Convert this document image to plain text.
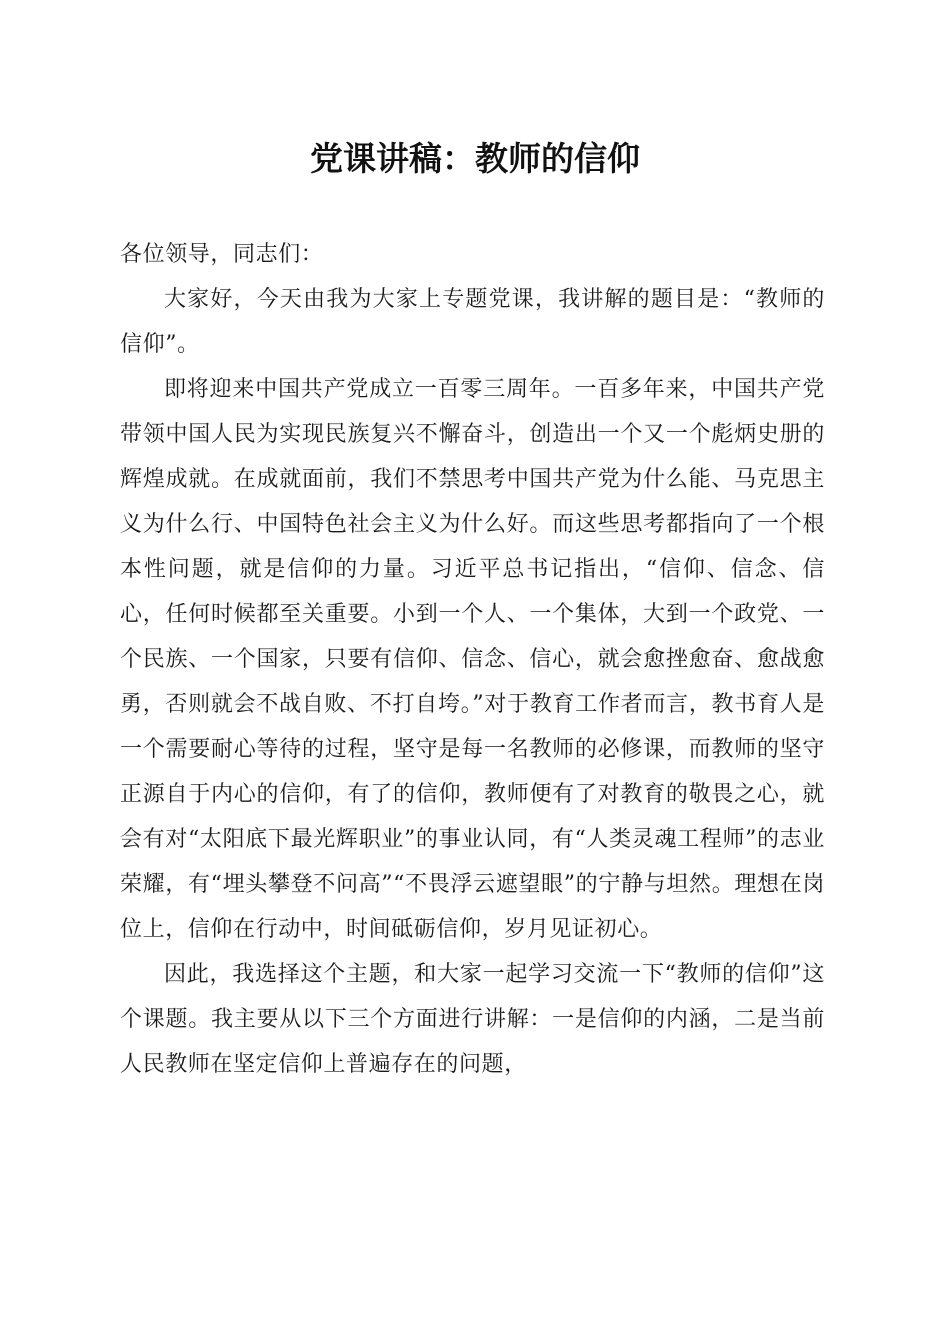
党课讲稿：教师的信仰

各位领导，同志们：

大家好，今天由我为大家上专题党课，我讲解的题目是：“教师的信仰”。

即将迎来中国共产党成立一百零三周年。一百多年来，中国共产党带领中国人民为实现民族复兴不懈奋斗，创造出一个又一个彪炳史册的辉煌成就。在成就面前，我们不禁思考中国共产党为什么能、马克思主义为什么行、中国特色社会主义为什么好。而这些思考都指向了一个根本性问题，就是信仰的力量。习近平总书记指出，“信仰、信念、信心，任何时候都至关重要。小到一个人、一个集体，大到一个政党、一个民族、一个国家，只要有信仰、信念、信心，就会愈挫愈奋、愈战愈勇，否则就会不战自败、不打自垮。”对于教育工作者而言，教书育人是一个需要耐心等待的过程，坚守是每一名教师的必修课，而教师的坚守正源自于内心的信仰，有了的信仰，教师便有了对教育的敬畏之心，就会有对“太阳底下最光辉职业”的事业认同，有“人类灵魂工程师”的志业荣耀，有“埋头攀登不问高”“不畏浮云遮望眼”的宁静与坦然。理想在岗位上，信仰在行动中，时间砥砺信仰，岁月见证初心。

因此，我选择这个主题，和大家一起学习交流一下“教师的信仰”这个课题。我主要从以下三个方面进行讲解：一是信仰的内涵，二是当前人民教师在坚定信仰上普遍存在的问题，
